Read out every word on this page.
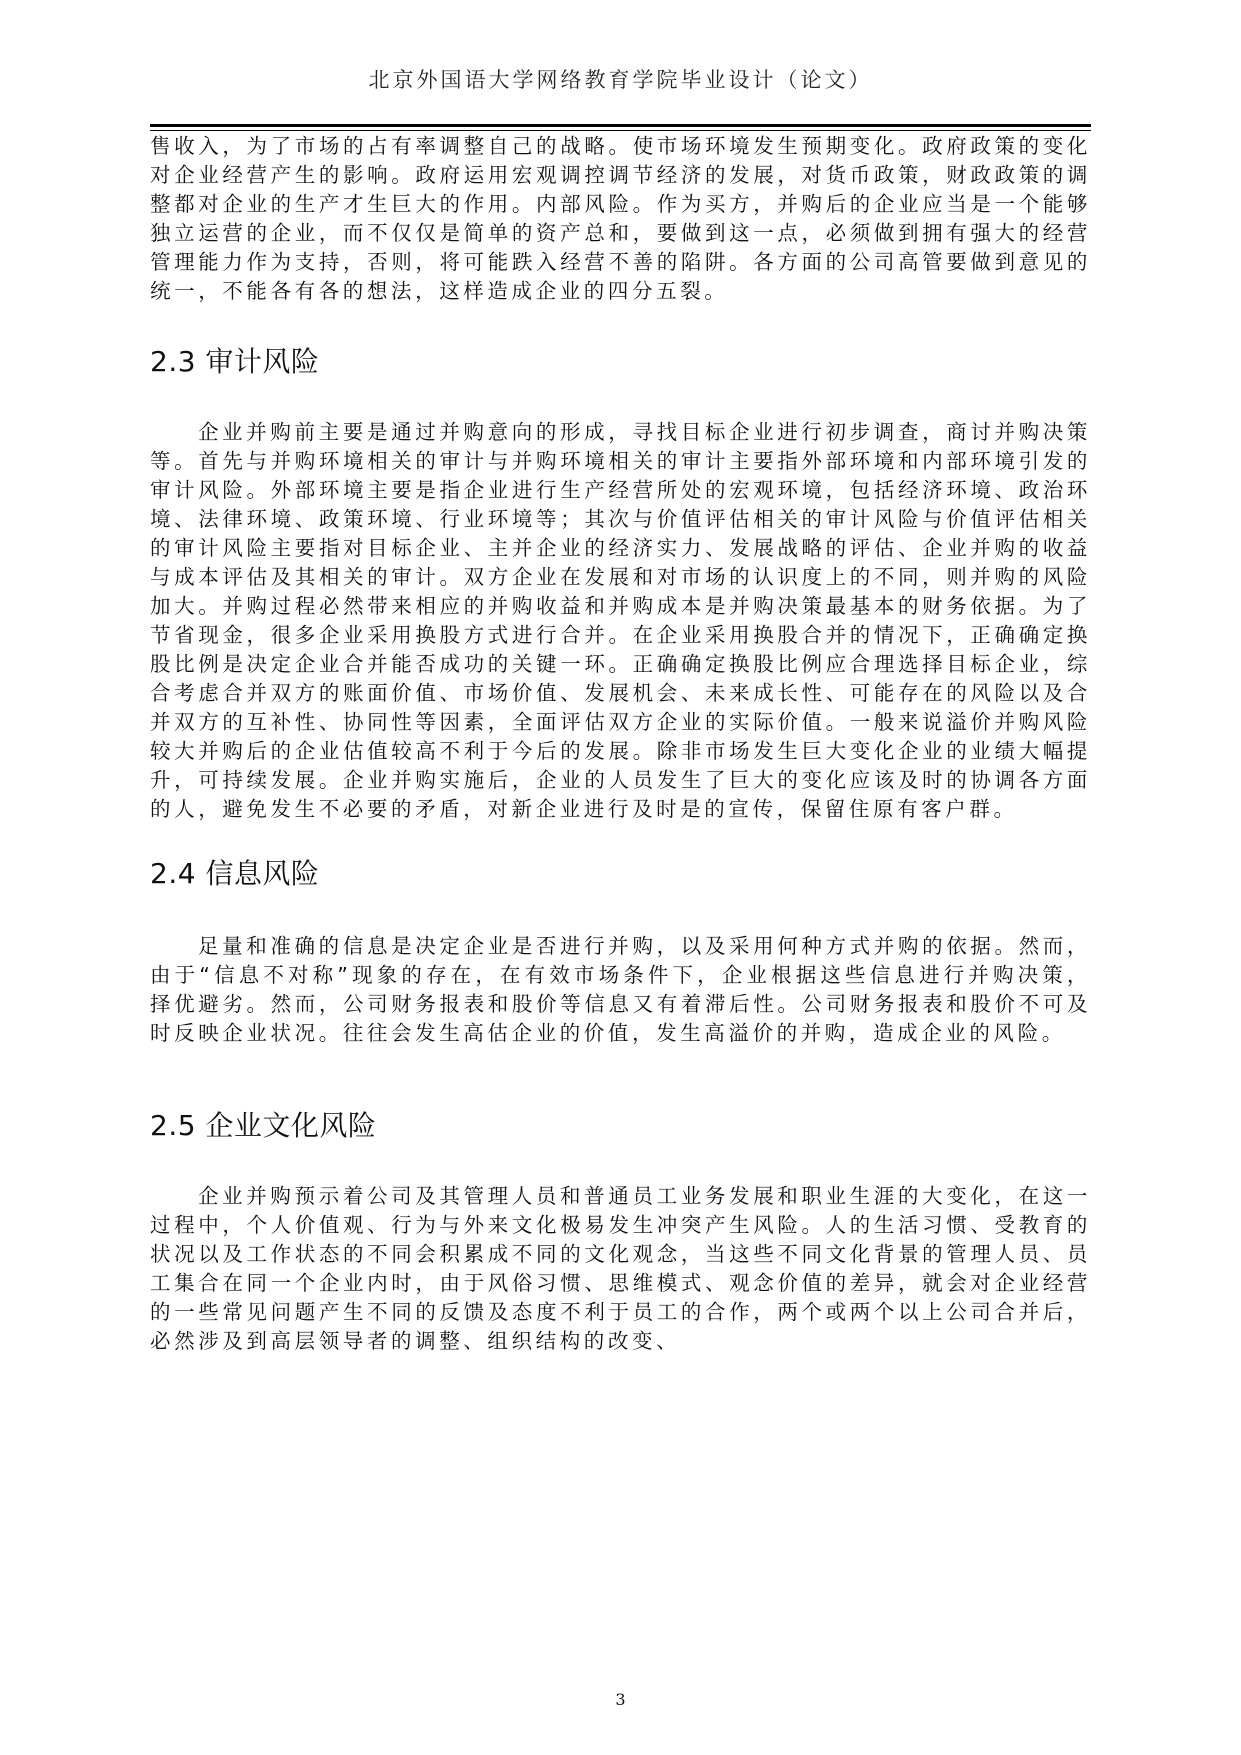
北京外国语大学网络教育学院毕业设计（论文）

售收入，为了市场的占有率调整自己的战略。使市场环境发生预期变化。政府政策的变化对企业经营产生的影响。政府运用宏观调控调节经济的发展，对货币政策，财政政策的调整都对企业的生产才生巨大的作用。内部风险。作为买方，并购后的企业应当是一个能够独立运营的企业，而不仅仅是简单的资产总和，要做到这一点，必须做到拥有强大的经营管理能力作为支持，否则，将可能跌入经营不善的陷阱。各方面的公司高管要做到意见的统一，不能各有各的想法，这样造成企业的四分五裂。

2.3 审计风险

企业并购前主要是通过并购意向的形成，寻找目标企业进行初步调查，商讨并购决策等。首先与并购环境相关的审计与并购环境相关的审计主要指外部环境和内部环境引发的审计风险。外部环境主要是指企业进行生产经营所处的宏观环境，包括经济环境、政治环境、法律环境、政策环境、行业环境等；其次与价值评估相关的审计风险与价值评估相关的审计风险主要指对目标企业、主并企业的经济实力、发展战略的评估、企业并购的收益与成本评估及其相关的审计。双方企业在发展和对市场的认识度上的不同，则并购的风险加大。并购过程必然带来相应的并购收益和并购成本是并购决策最基本的财务依据。为了节省现金，很多企业采用换股方式进行合并。在企业采用换股合并的情况下，正确确定换股比例是决定企业合并能否成功的关键一环。正确确定换股比例应合理选择目标企业，综合考虑合并双方的账面价值、市场价值、发展机会、未来成长性、可能存在的风险以及合并双方的互补性、协同性等因素，全面评估双方企业的实际价值。一般来说溢价并购风险较大并购后的企业估值较高不利于今后的发展。除非市场发生巨大变化企业的业绩大幅提升，可持续发展。企业并购实施后，企业的人员发生了巨大的变化应该及时的协调各方面的人，避免发生不必要的矛盾，对新企业进行及时是的宣传，保留住原有客户群。

2.4 信息风险

足量和准确的信息是决定企业是否进行并购，以及采用何种方式并购的依据。然而，由于“信息不对称”现象的存在，在有效市场条件下，企业根据这些信息进行并购决策，择优避劣。然而，公司财务报表和股价等信息又有着滞后性。公司财务报表和股价不可及时反映企业状况。往往会发生高估企业的价值，发生高溢价的并购，造成企业的风险。

2.5 企业文化风险

企业并购预示着公司及其管理人员和普通员工业务发展和职业生涯的大变化，在这一过程中，个人价值观、行为与外来文化极易发生冲突产生风险。人的生活习惯、受教育的状况以及工作状态的不同会积累成不同的文化观念，当这些不同文化背景的管理人员、员工集合在同一个企业内时，由于风俗习惯、思维模式、观念价值的差异，就会对企业经营的一些常见问题产生不同的反馈及态度不利于员工的合作，两个或两个以上公司合并后，必然涉及到高层领导者的调整、组织结构的改变、

3
